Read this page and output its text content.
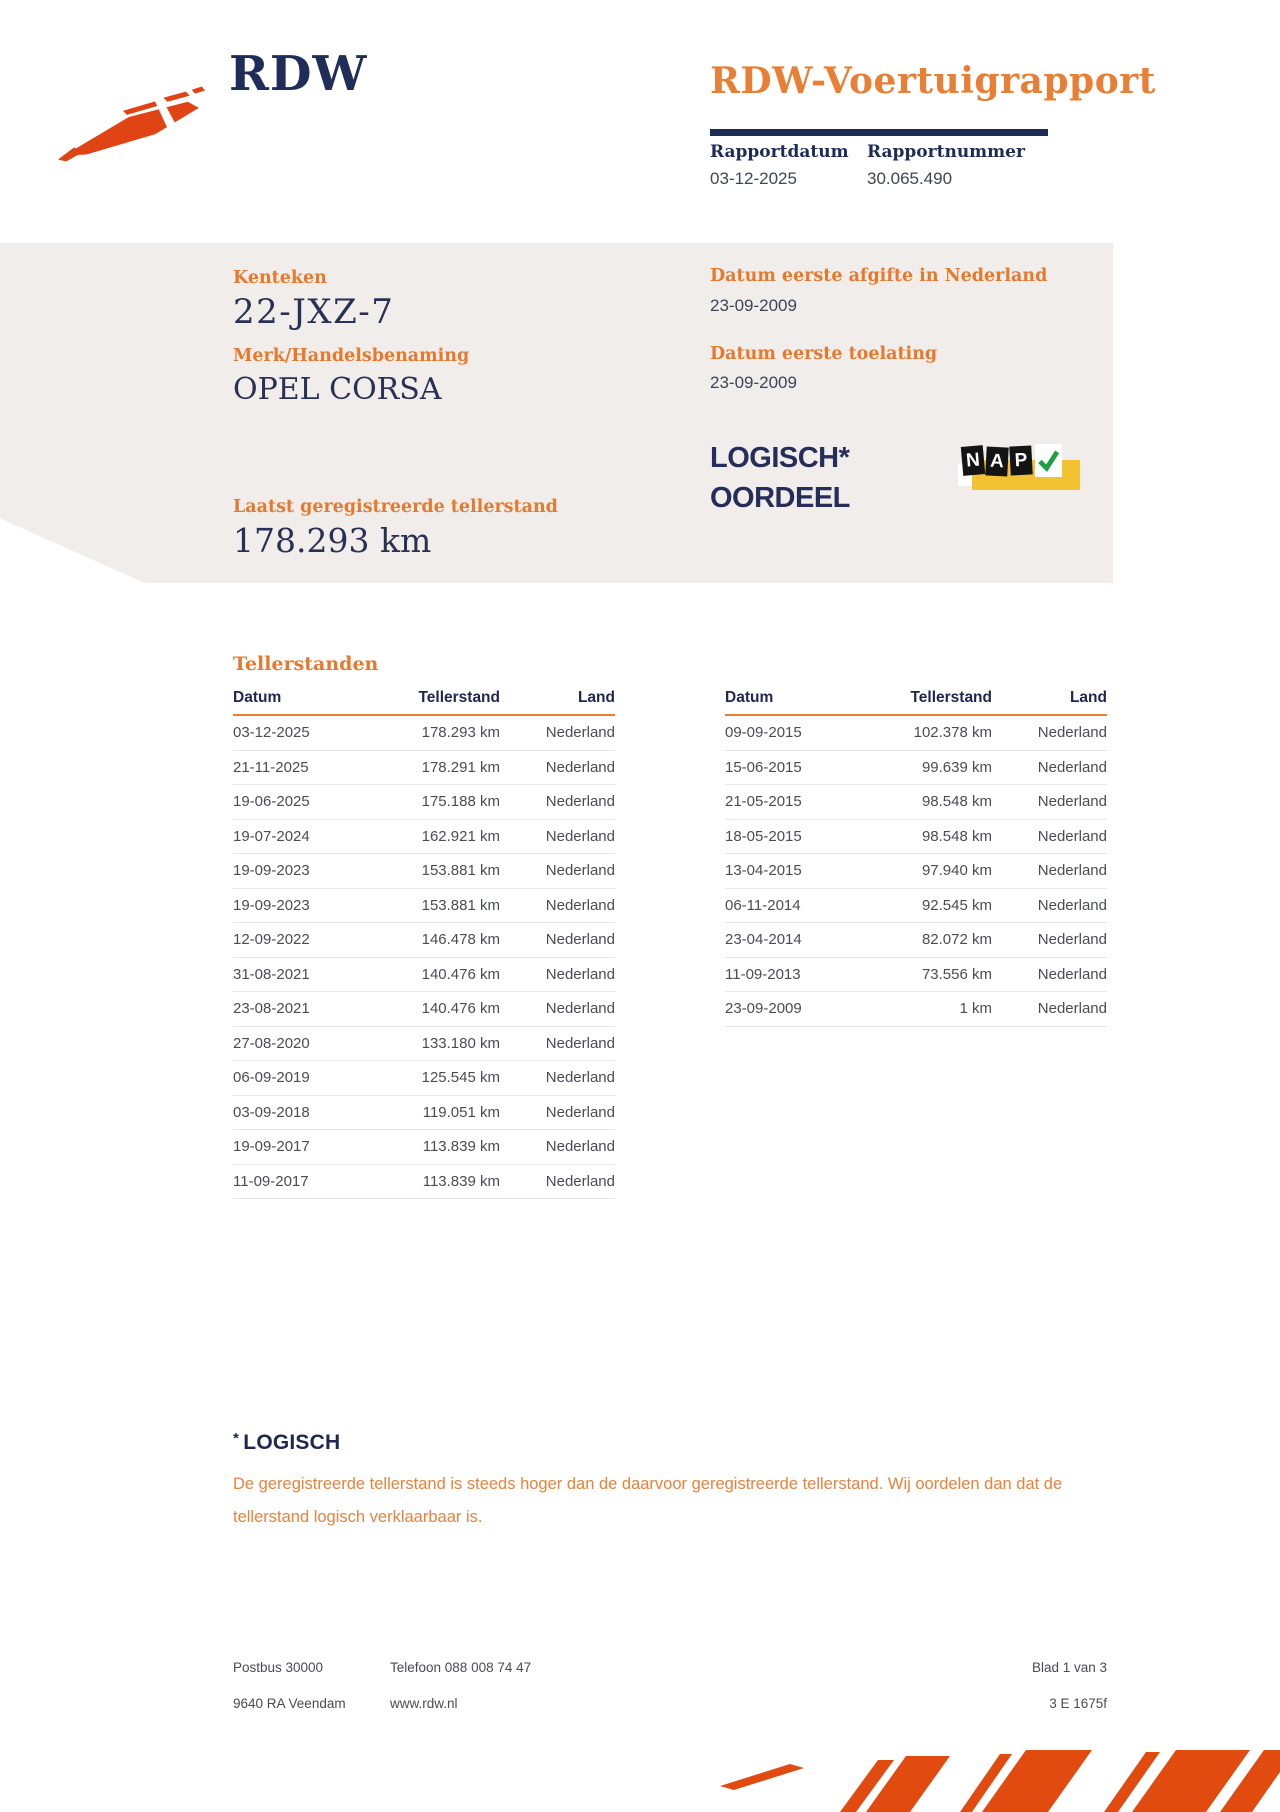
RDW	RDW-Voertuigrapport
Rapportdatum
03-12-2025
Rapportnummer
30.065.490
Kenteken
22-JXZ-7
Merk/Handelsbenaming
OPEL CORSA
Datum eerste afgifte in Nederland
23-09-2009
Datum eerste toelating
23-09-2009
LOGISCH*
OORDEEL
N A P
Laatst geregistreerde tellerstand
178.293 km
Tellerstanden
Datum	Tellerstand	Land
03-12-2025	178.293 km	Nederland
21-11-2025	178.291 km	Nederland
19-06-2025	175.188 km	Nederland
19-07-2024	162.921 km	Nederland
19-09-2023	153.881 km	Nederland
19-09-2023	153.881 km	Nederland
12-09-2022	146.478 km	Nederland
31-08-2021	140.476 km	Nederland
23-08-2021	140.476 km	Nederland
27-08-2020	133.180 km	Nederland
06-09-2019	125.545 km	Nederland
03-09-2018	119.051 km	Nederland
19-09-2017	113.839 km	Nederland
11-09-2017	113.839 km	Nederland
Datum	Tellerstand	Land
09-09-2015	102.378 km	Nederland
15-06-2015	99.639 km	Nederland
21-05-2015	98.548 km	Nederland
18-05-2015	98.548 km	Nederland
13-04-2015	97.940 km	Nederland
06-11-2014	92.545 km	Nederland
23-04-2014	82.072 km	Nederland
11-09-2013	73.556 km	Nederland
23-09-2009	1 km	Nederland
* LOGISCH
De geregistreerde tellerstand is steeds hoger dan de daarvoor geregistreerde tellerstand. Wij oordelen dan dat de tellerstand logisch verklaarbaar is.
Postbus 30000
9640 RA Veendam
Telefoon 088 008 74 47
www.rdw.nl
Blad 1 van 3
3 E 1675f
